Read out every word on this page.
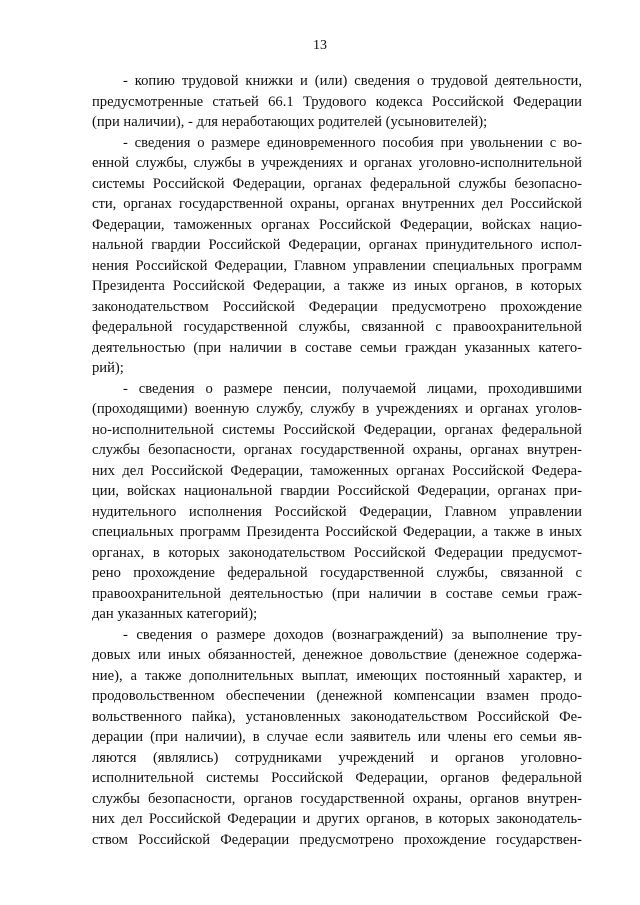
13
- копию трудовой книжки и (или) сведения о трудовой деятельности,
предусмотренные статьей 66.1 Трудового кодекса Российской Федерации
(при наличии), - для неработающих родителей (усыновителей);
- сведения о размере единовременного пособия при увольнении с во-
енной службы, службы в учреждениях и органах уголовно-исполнительной
системы Российской Федерации, органах федеральной службы безопасно-
сти, органах государственной охраны, органах внутренних дел Российской
Федерации, таможенных органах Российской Федерации, войсках нацио-
нальной гвардии Российской Федерации, органах принудительного испол-
нения Российской Федерации, Главном управлении специальных программ
Президента Российской Федерации, а также из иных органов, в которых
законодательством Российской Федерации предусмотрено прохождение
федеральной государственной службы, связанной с правоохранительной
деятельностью (при наличии в составе семьи граждан указанных катего-
рий);
- сведения о размере пенсии, получаемой лицами, проходившими
(проходящими) военную службу, службу в учреждениях и органах уголов-
но-исполнительной системы Российской Федерации, органах федеральной
службы безопасности, органах государственной охраны, органах внутрен-
них дел Российской Федерации, таможенных органах Российской Федера-
ции, войсках национальной гвардии Российской Федерации, органах при-
нудительного исполнения Российской Федерации, Главном управлении
специальных программ Президента Российской Федерации, а также в иных
органах, в которых законодательством Российской Федерации предусмот-
рено прохождение федеральной государственной службы, связанной с
правоохранительной деятельностью (при наличии в составе семьи граж-
дан указанных категорий);
- сведения о размере доходов (вознаграждений) за выполнение тру-
довых или иных обязанностей, денежное довольствие (денежное содержа-
ние), а также дополнительных выплат, имеющих постоянный характер, и
продовольственном обеспечении (денежной компенсации взамен продо-
вольственного пайка), установленных законодательством Российской Фе-
дерации (при наличии), в случае если заявитель или члены его семьи яв-
ляются (являлись) сотрудниками учреждений и органов уголовно-
исполнительной системы Российской Федерации, органов федеральной
службы безопасности, органов государственной охраны, органов внутрен-
них дел Российской Федерации и других органов, в которых законодатель-
ством Российской Федерации предусмотрено прохождение государствен-
